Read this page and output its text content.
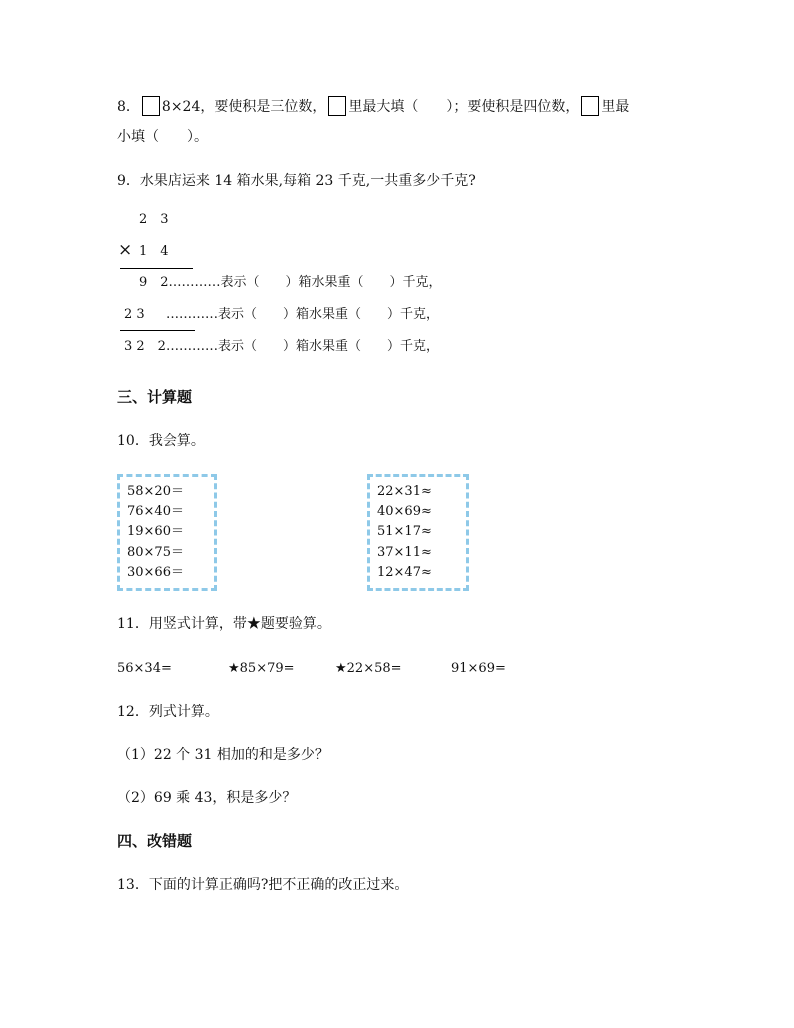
8． 8×24，要使积是三位数， 里最大填（　　）；要使积是四位数， 里最
小填（　　）。
9．水果店运来 14 箱水果,每箱 23 千克,一共重多少千克?
2　3
× 1　4
9　2…………表示（　　）箱水果重（　　）千克，
2 3 …………表示（　　）箱水果重（　　）千克，
3 2　2…………表示（　　）箱水果重（　　）千克，
三、计算题
10．我会算。
58×20＝
76×40＝
19×60＝
80×75＝
30×66＝
22×31≈
40×69≈
51×17≈
37×11≈
12×47≈
11．用竖式计算，带★题要验算。
56×34=	★85×79=	★22×58=	91×69=
12．列式计算。
（1）22 个 31 相加的和是多少？
（2）69 乘 43，积是多少？
四、改错题
13．下面的计算正确吗?把不正确的改正过来。
